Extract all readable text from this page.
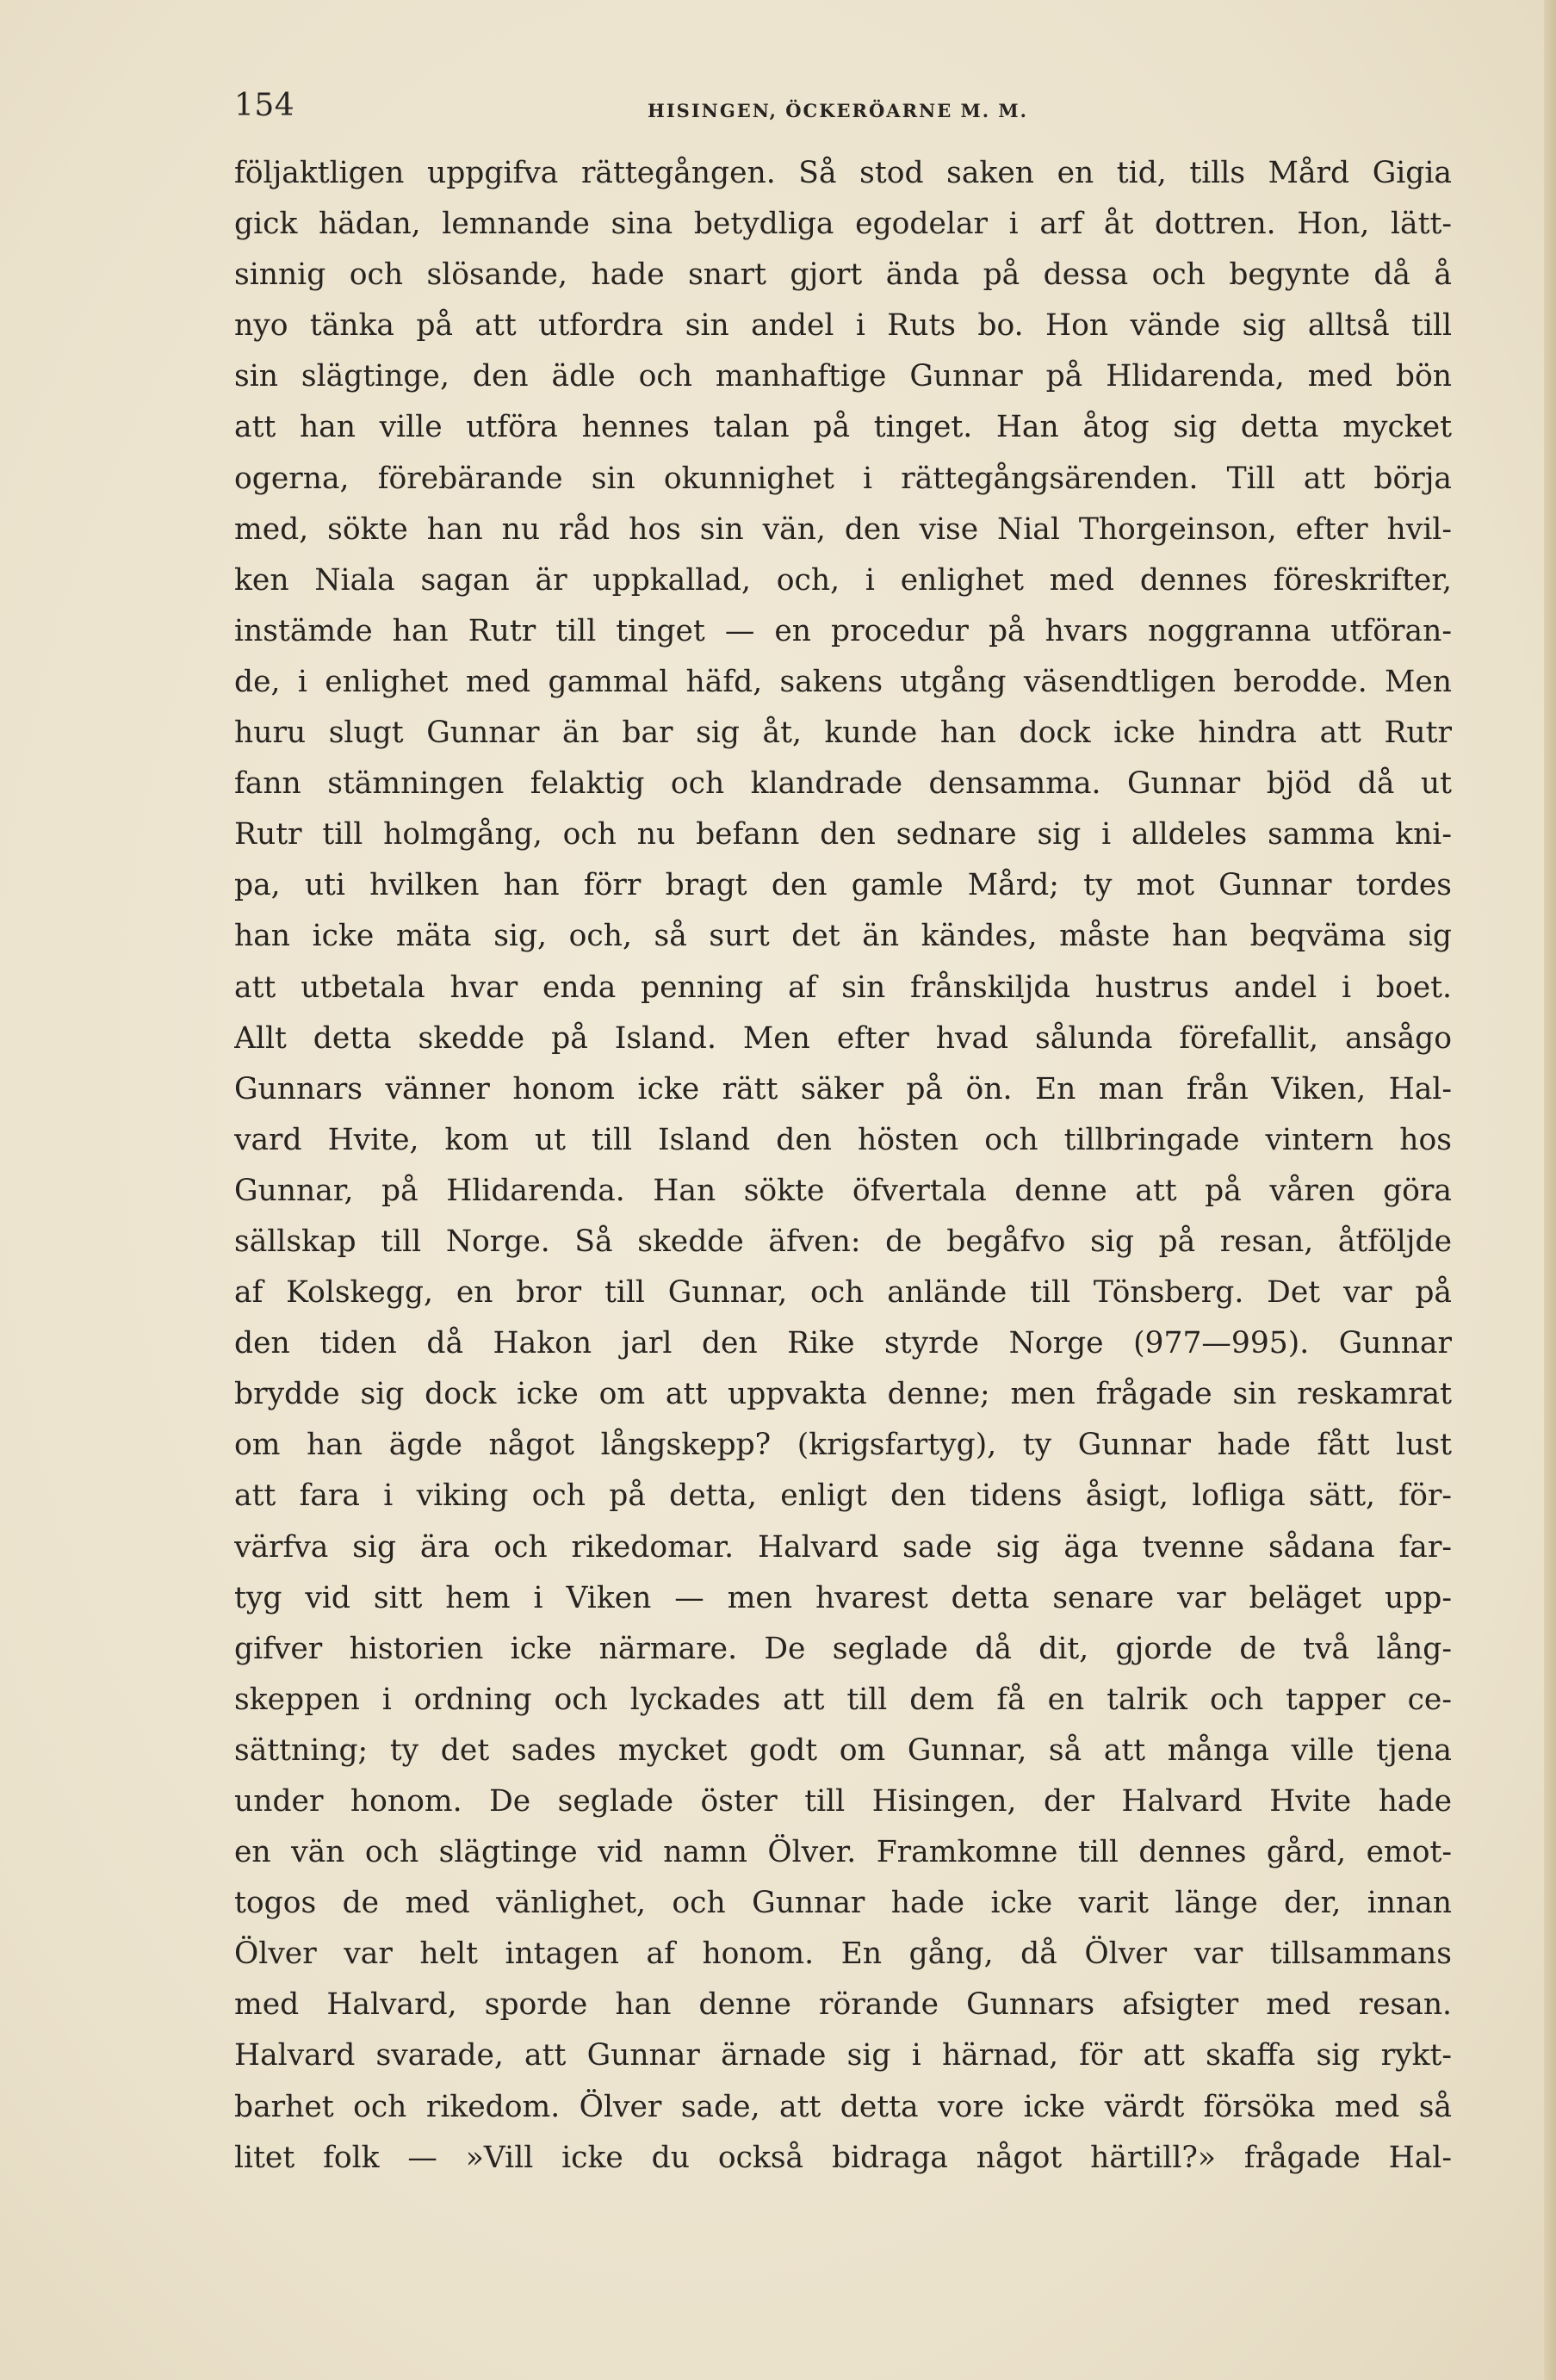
154	HISINGEN, ÖCKERÖARNE M. M.
följaktligen uppgifva rättegången. Så stod saken en tid, tills Mård Gigia
gick hädan, lemnande sina betydliga egodelar i arf åt dottren. Hon, lätt-
sinnig och slösande, hade snart gjort ända på dessa och begynte då å
nyo tänka på att utfordra sin andel i Ruts bo. Hon vände sig alltså till
sin slägtinge, den ädle och manhaftige Gunnar på Hlidarenda, med bön
att han ville utföra hennes talan på tinget. Han åtog sig detta mycket
ogerna, förebärande sin okunnighet i rättegångsärenden. Till att börja
med, sökte han nu råd hos sin vän, den vise Nial Thorgeinson, efter hvil-
ken Niala sagan är uppkallad, och, i enlighet med dennes föreskrifter,
instämde han Rutr till tinget — en procedur på hvars noggranna utföran-
de, i enlighet med gammal häfd, sakens utgång väsendtligen berodde. Men
huru slugt Gunnar än bar sig åt, kunde han dock icke hindra att Rutr
fann stämningen felaktig och klandrade densamma. Gunnar bjöd då ut
Rutr till holmgång, och nu befann den sednare sig i alldeles samma kni-
pa, uti hvilken han förr bragt den gamle Mård; ty mot Gunnar tordes
han icke mäta sig, och, så surt det än kändes, måste han beqväma sig
att utbetala hvar enda penning af sin frånskiljda hustrus andel i boet.
Allt detta skedde på Island. Men efter hvad sålunda förefallit, ansågo
Gunnars vänner honom icke rätt säker på ön. En man från Viken, Hal-
vard Hvite, kom ut till Island den hösten och tillbringade vintern hos
Gunnar, på Hlidarenda. Han sökte öfvertala denne att på våren göra
sällskap till Norge. Så skedde äfven: de begåfvo sig på resan, åtföljde
af Kolskegg, en bror till Gunnar, och anlände till Tönsberg. Det var på
den tiden då Hakon jarl den Rike styrde Norge (977—995). Gunnar
brydde sig dock icke om att uppvakta denne; men frågade sin reskamrat
om han ägde något långskepp? (krigsfartyg), ty Gunnar hade fått lust
att fara i viking och på detta, enligt den tidens åsigt, lofliga sätt, för-
värfva sig ära och rikedomar. Halvard sade sig äga tvenne sådana far-
tyg vid sitt hem i Viken — men hvarest detta senare var beläget upp-
gifver historien icke närmare. De seglade då dit, gjorde de två lång-
skeppen i ordning och lyckades att till dem få en talrik och tapper ce-
sättning; ty det sades mycket godt om Gunnar, så att många ville tjena
under honom. De seglade öster till Hisingen, der Halvard Hvite hade
en vän och slägtinge vid namn Ölver. Framkomne till dennes gård, emot-
togos de med vänlighet, och Gunnar hade icke varit länge der, innan
Ölver var helt intagen af honom. En gång, då Ölver var tillsammans
med Halvard, sporde han denne rörande Gunnars afsigter med resan.
Halvard svarade, att Gunnar ärnade sig i härnad, för att skaffa sig rykt-
barhet och rikedom. Ölver sade, att detta vore icke värdt försöka med så
litet folk — »Vill icke du också bidraga något härtill?» frågade Hal-
